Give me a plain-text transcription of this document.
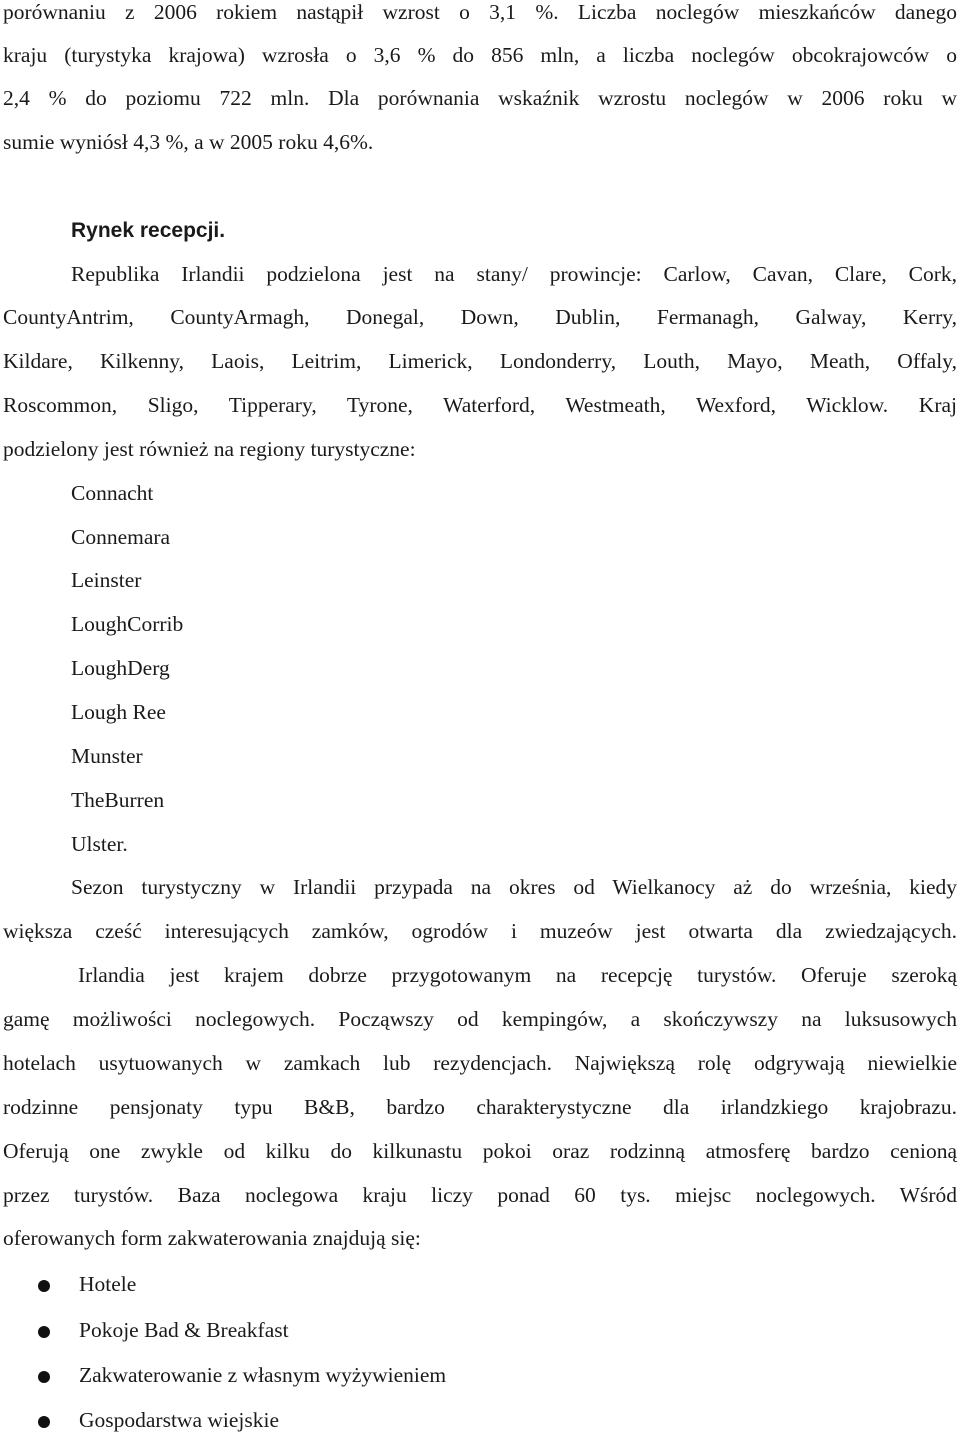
porównaniu z 2006 rokiem nastąpił wzrost o 3,1 %. Liczba noclegów mieszkańców danego
kraju (turystyka krajowa) wzrosła o 3,6 % do 856 mln, a liczba noclegów obcokrajowców o
2,4 % do poziomu 722 mln. Dla porównania wskaźnik wzrostu noclegów w 2006 roku w
sumie wyniósł 4,3 %, a w 2005 roku 4,6%.
Rynek recepcji.
Republika Irlandii podzielona jest na stany/ prowincje: Carlow, Cavan, Clare, Cork,
CountyAntrim, CountyArmagh, Donegal, Down, Dublin, Fermanagh, Galway, Kerry,
Kildare, Kilkenny, Laois, Leitrim, Limerick, Londonderry, Louth, Mayo, Meath, Offaly,
Roscommon, Sligo, Tipperary, Tyrone, Waterford, Westmeath, Wexford, Wicklow. Kraj
podzielony jest również na regiony turystyczne:
Connacht
Connemara
Leinster
LoughCorrib
LoughDerg
Lough Ree
Munster
TheBurren
Ulster.
Sezon turystyczny w Irlandii przypada na okres od Wielkanocy aż do września, kiedy
większa cześć interesujących zamków, ogrodów i muzeów jest otwarta dla zwiedzających.
Irlandia jest krajem dobrze przygotowanym na recepcję turystów. Oferuje szeroką
gamę możliwości noclegowych. Począwszy od kempingów, a skończywszy na luksusowych
hotelach usytuowanych w zamkach lub rezydencjach. Największą rolę odgrywają niewielkie
rodzinne pensjonaty typu B&B, bardzo charakterystyczne dla irlandzkiego krajobrazu.
Oferują one zwykle od kilku do kilkunastu pokoi oraz rodzinną atmosferę bardzo cenioną
przez turystów. Baza noclegowa kraju liczy ponad 60 tys. miejsc noclegowych. Wśród
oferowanych form zakwaterowania znajdują się:
Hotele
Pokoje Bad & Breakfast
Zakwaterowanie z własnym wyżywieniem
Gospodarstwa wiejskie
